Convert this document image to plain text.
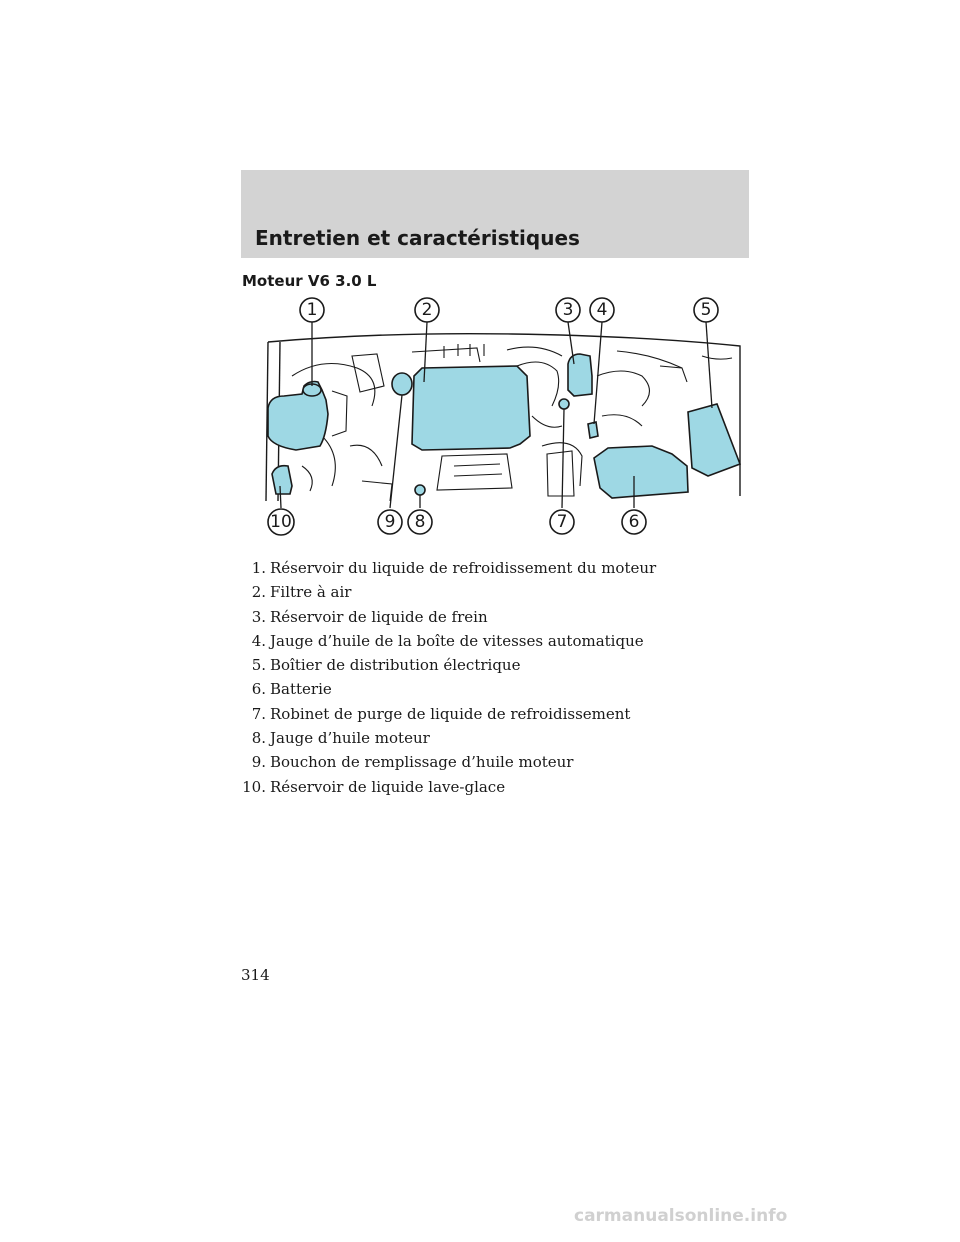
Entretien et caractéristiques
Moteur V6 3.0 L
1	2	3 4	5
6
7
8
9
10
1. Réservoir du liquide de refroidissement du moteur
2. Filtre à air
3. Réservoir de liquide de frein
4. Jauge d’huile de la boîte de vitesses automatique
5. Boîtier de distribution électrique
6. Batterie
7. Robinet de purge de liquide de refroidissement
8. Jauge d’huile moteur
9. Bouchon de remplissage d’huile moteur
10. Réservoir de liquide lave-glace
314
carmanualsonline.info
